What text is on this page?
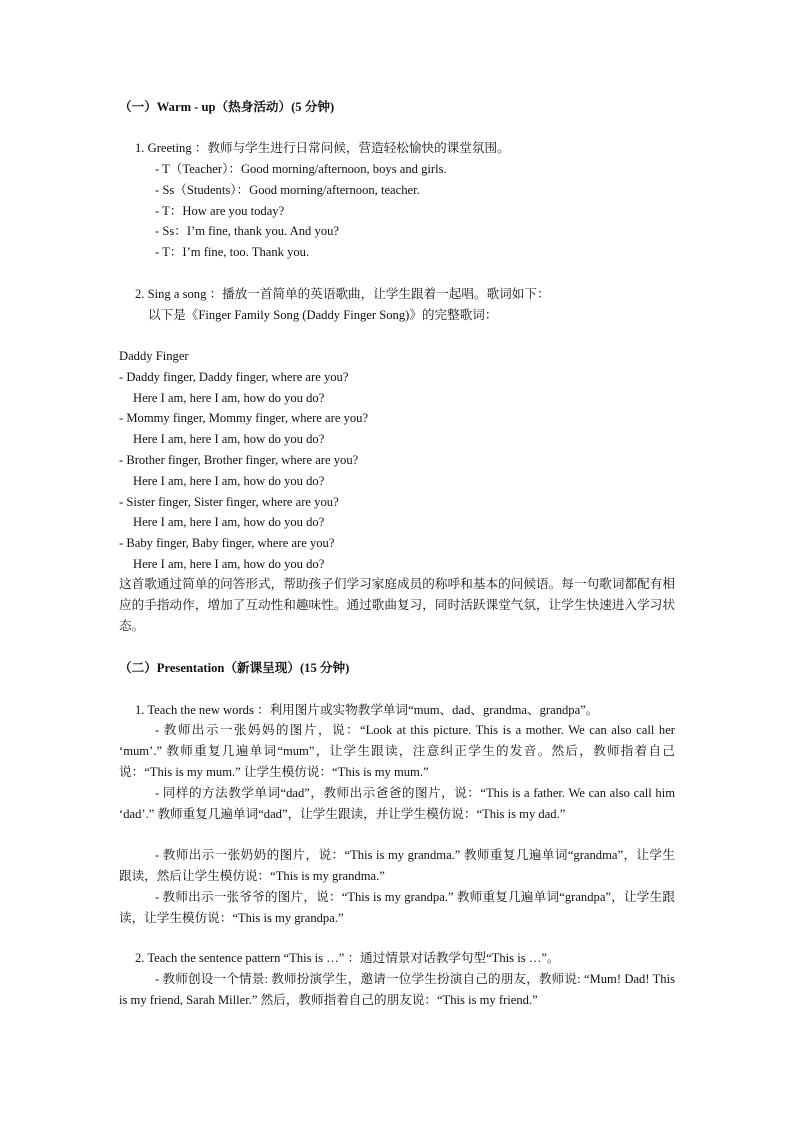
（一）Warm - up（热身活动）(5 分钟)
1. Greeting ：教师与学生进行日常问候，营造轻松愉快的课堂氛围。
- T（Teacher）：Good morning/afternoon, boys and girls.
- Ss（Students）：Good morning/afternoon, teacher.
- T：How are you today?
- Ss：I’m fine, thank you. And you?
- T：I’m fine, too. Thank you.
2. Sing a song ：播放一首简单的英语歌曲，让学生跟着一起唱。歌词如下：
以下是《Finger Family Song (Daddy Finger Song)》的完整歌词：
Daddy Finger
- Daddy finger, Daddy finger, where are you?
Here I am, here I am, how do you do?
- Mommy finger, Mommy finger, where are you?
Here I am, here I am, how do you do?
- Brother finger, Brother finger, where are you?
Here I am, here I am, how do you do?
- Sister finger, Sister finger, where are you?
Here I am, here I am, how do you do?
- Baby finger, Baby finger, where are you?
Here I am, here I am, how do you do?

这首歌通过简单的问答形式，帮助孩子们学习家庭成员的称呼和基本的问候语。每一句歌词都配有相应的手指动作，增加了互动性和趣味性。通过歌曲复习，同时活跃课堂气氛，让学生快速进入学习状态。

（二）Presentation（新课呈现）(15 分钟)
1. Teach the new words ：利用图片或实物教学单词“mum、dad、grandma、grandpa”。

- 教师出示一张妈妈的图片，说：“Look at this picture. This is a mother. We can also call her ‘mum’.” 教师重复几遍单词“mum”，让学生跟读，注意纠正学生的发音。然后，教师指着自己说：“This is my mum.” 让学生模仿说：“This is my mum.”

- 同样的方法教学单词“dad”，教师出示爸爸的图片，说：“This is a father. We can also call him ‘dad’.” 教师重复几遍单词“dad”，让学生跟读，并让学生模仿说：“This is my dad.”

- 教师出示一张奶奶的图片，说：“This is my grandma.” 教师重复几遍单词“grandma”，让学生跟读，然后让学生模仿说：“This is my grandma.”

- 教师出示一张爷爷的图片，说：“This is my grandpa.” 教师重复几遍单词“grandpa”，让学生跟读，让学生模仿说：“This is my grandpa.”

2. Teach the sentence pattern “This is …” ：通过情景对话教学句型“This is …”。

- 教师创设一个情景: 教师扮演学生，邀请一位学生扮演自己的朋友，教师说: “Mum! Dad! This is my friend, Sarah Miller.” 然后，教师指着自己的朋友说：“This is my friend.”
